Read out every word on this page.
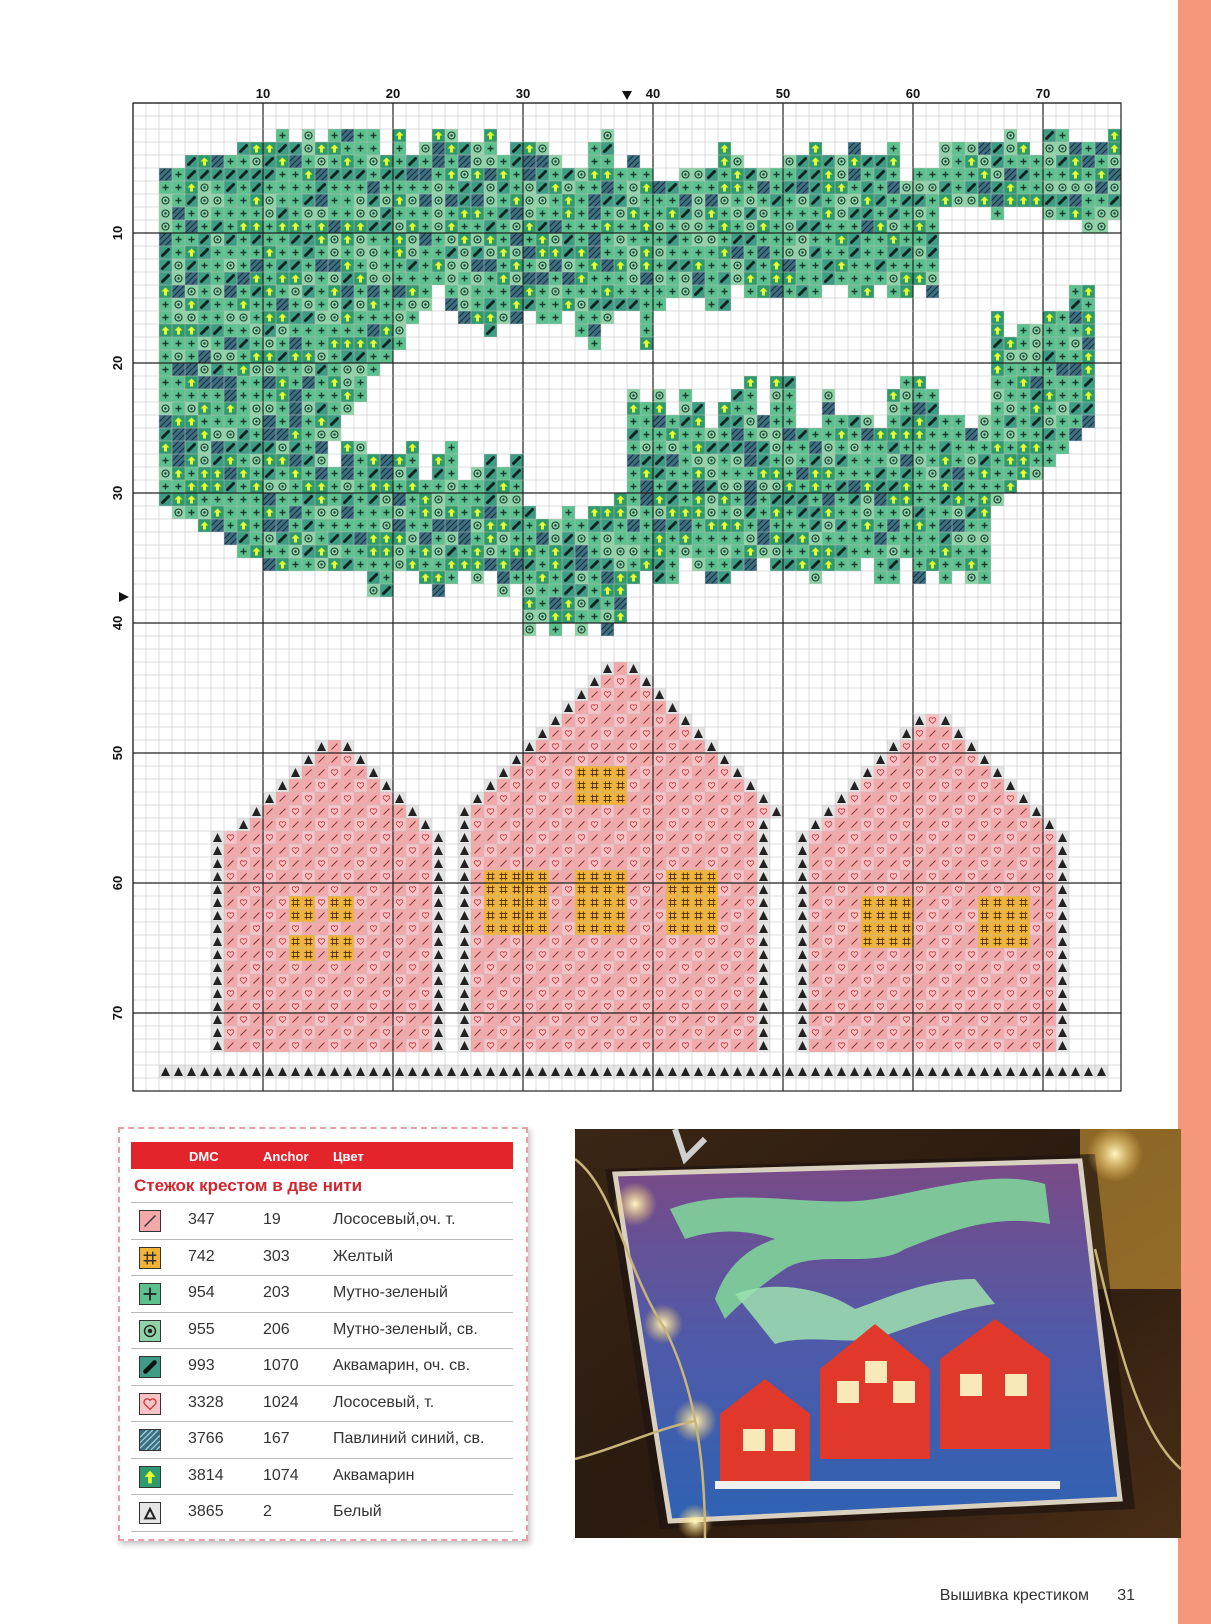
10	20	30	40	50	60	70
10
20
30
40
50
60
70
DMC	Anchor Цвет
Стежок крестом в две нити
347	19	Лососевый,оч. т.
742	303	Желтый
954	203	Мутно-зеленый
955	206	Мутно-зеленый, св.
993	1070 Аквамарин, оч. св.
3328 1024 Лососевый, т.
3766 167	Павлиний синий, св.
3814 1074 Аквамарин
3865 2	Белый
Вышивка крестиком 31
